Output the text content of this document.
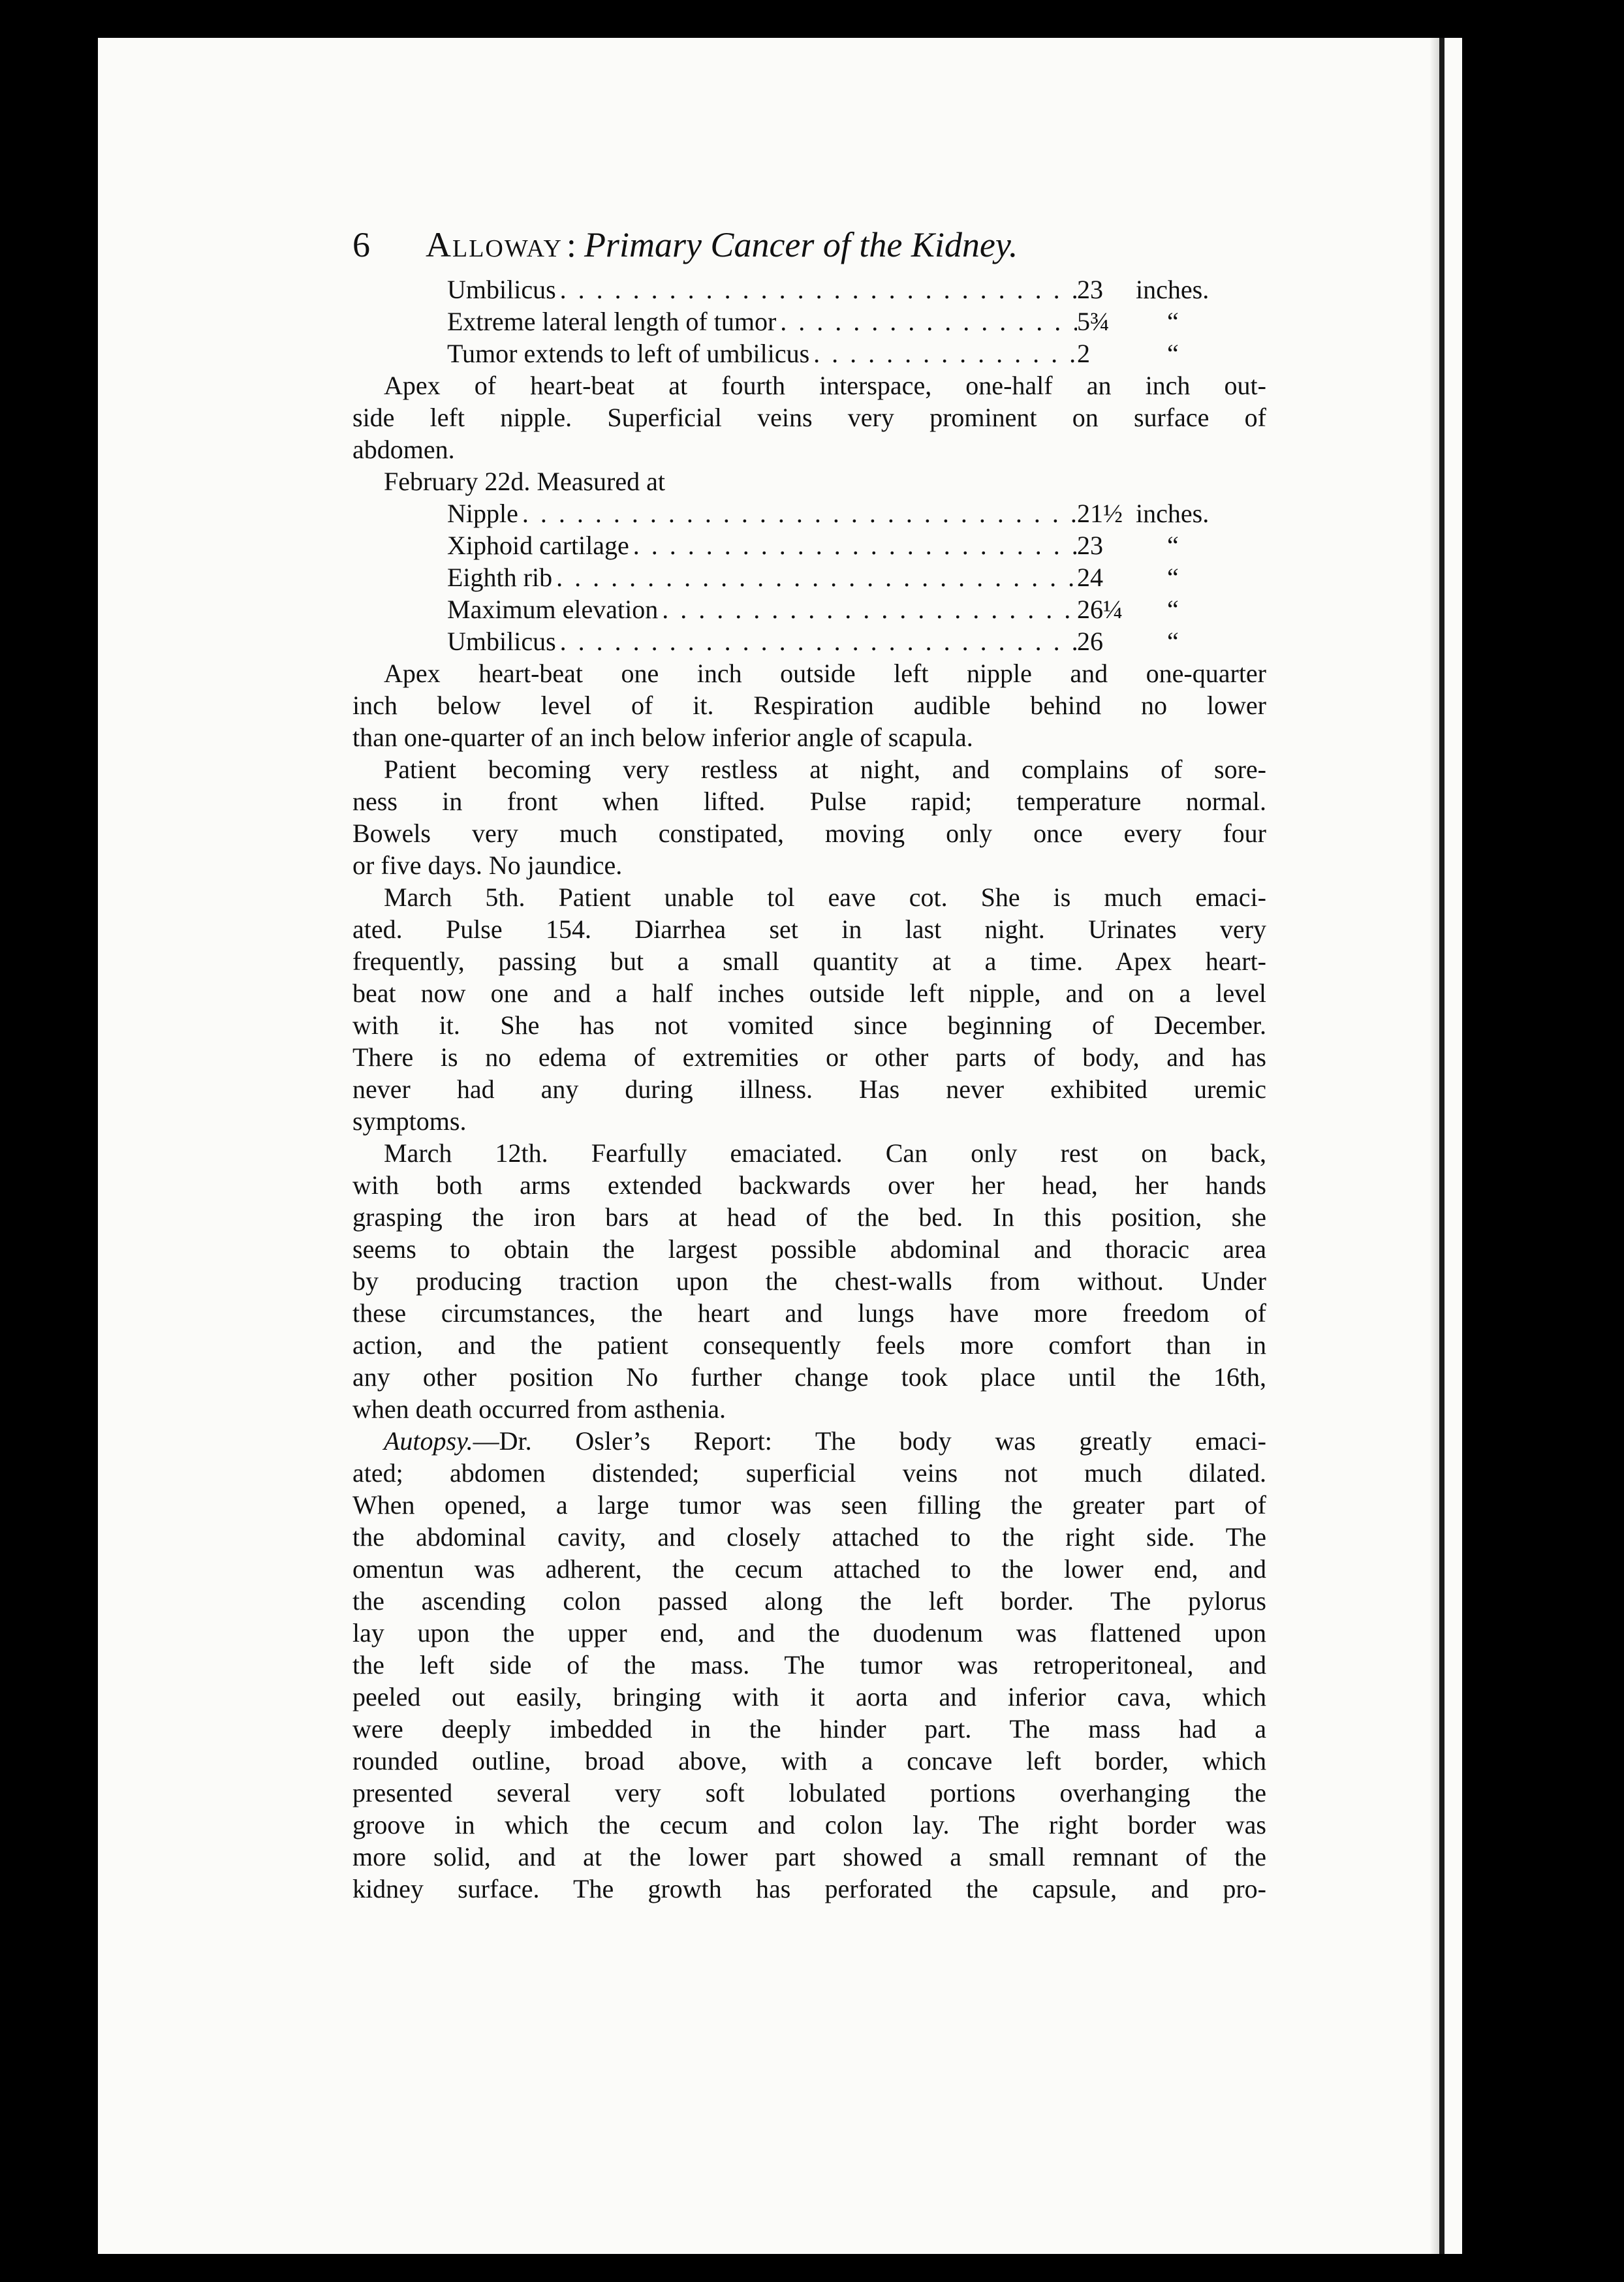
6	Alloway : Primary Cancer of the Kidney.
Umbilicus . . .	23	inches.
Extreme lateral length of tumor . . .	5¾	“
Tumor extends to left of umbilicus . . .	2	“
Apex of heart-beat at fourth interspace, one-half an inch out-
side left nipple. Superficial veins very prominent on surface of
abdomen.
February 22d. Measured at
Nipple . . .	21½ inches.
Xiphoid cartilage . . .	23	“
Eighth rib . . .	24	“
Maximum elevation . . .	26¼	“
Umbilicus . . .	26	“
Apex heart-beat one inch outside left nipple and one-quarter
inch below level of it. Respiration audible behind no lower
than one-quarter of an inch below inferior angle of scapula.
Patient becoming very restless at night, and complains of sore-
ness in front when lifted. Pulse rapid; temperature normal.
Bowels very much constipated, moving only once every four
or five days. No jaundice.
March 5th. Patient unable tol eave cot. She is much emaci-
ated. Pulse 154. Diarrhea set in last night. Urinates very
frequently, passing but a small quantity at a time. Apex heart-
beat now one and a half inches outside left nipple, and on a level
with it. She has not vomited since beginning of December.
There is no edema of extremities or other parts of body, and has
never had any during illness. Has never exhibited uremic
symptoms.
March 12th. Fearfully emaciated. Can only rest on back,
with both arms extended backwards over her head, her hands
grasping the iron bars at head of the bed. In this position, she
seems to obtain the largest possible abdominal and thoracic area
by producing traction upon the chest-walls from without. Under
these circumstances, the heart and lungs have more freedom of
action, and the patient consequently feels more comfort than in
any other position No further change took place until the 16th,
when death occurred from asthenia.
Autopsy.—Dr. Osler’s Report: The body was greatly emaci-
ated; abdomen distended; superficial veins not much dilated.
When opened, a large tumor was seen filling the greater part of
the abdominal cavity, and closely attached to the right side. The
omentun was adherent, the cecum attached to the lower end, and
the ascending colon passed along the left border. The pylorus
lay upon the upper end, and the duodenum was flattened upon
the left side of the mass. The tumor was retroperitoneal, and
peeled out easily, bringing with it aorta and inferior cava, which
were deeply imbedded in the hinder part. The mass had a
rounded outline, broad above, with a concave left border, which
presented several very soft lobulated portions overhanging the
groove in which the cecum and colon lay. The right border was
more solid, and at the lower part showed a small remnant of the
kidney surface. The growth has perforated the capsule, and pro-
